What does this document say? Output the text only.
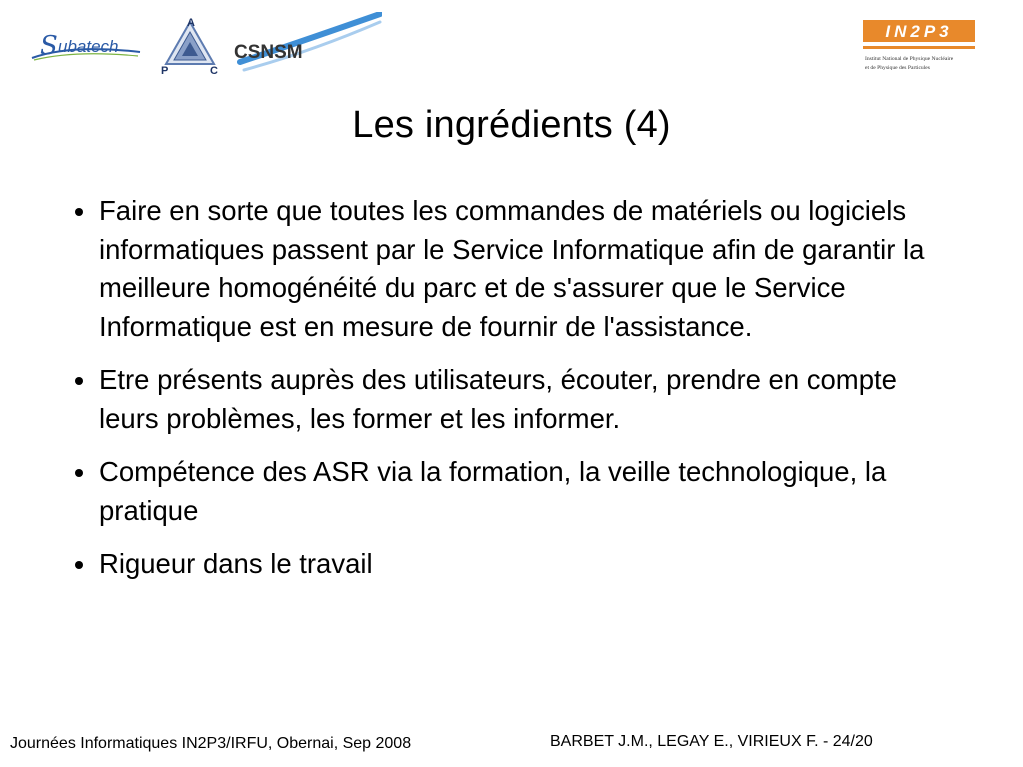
S ubatech
A
P	C
CSNSM
IN2P3
Institut National de Physique Nucléaire
et de Physique des Particules
Les ingrédients (4)
Faire en sorte que toutes les commandes de matériels ou logiciels informatiques passent par le Service Informatique afin de garantir la meilleure homogénéité du parc et de s'assurer que le Service Informatique est en mesure de fournir de l'assistance.
Etre présents auprès des utilisateurs, écouter, prendre en compte leurs problèmes, les former et les informer.
Compétence des ASR via la formation, la veille technologique, la pratique
Rigueur dans le travail
Journées Informatiques IN2P3/IRFU, Obernai, Sep 2008	BARBET J.M., LEGAY E., VIRIEUX F. - 24/20
